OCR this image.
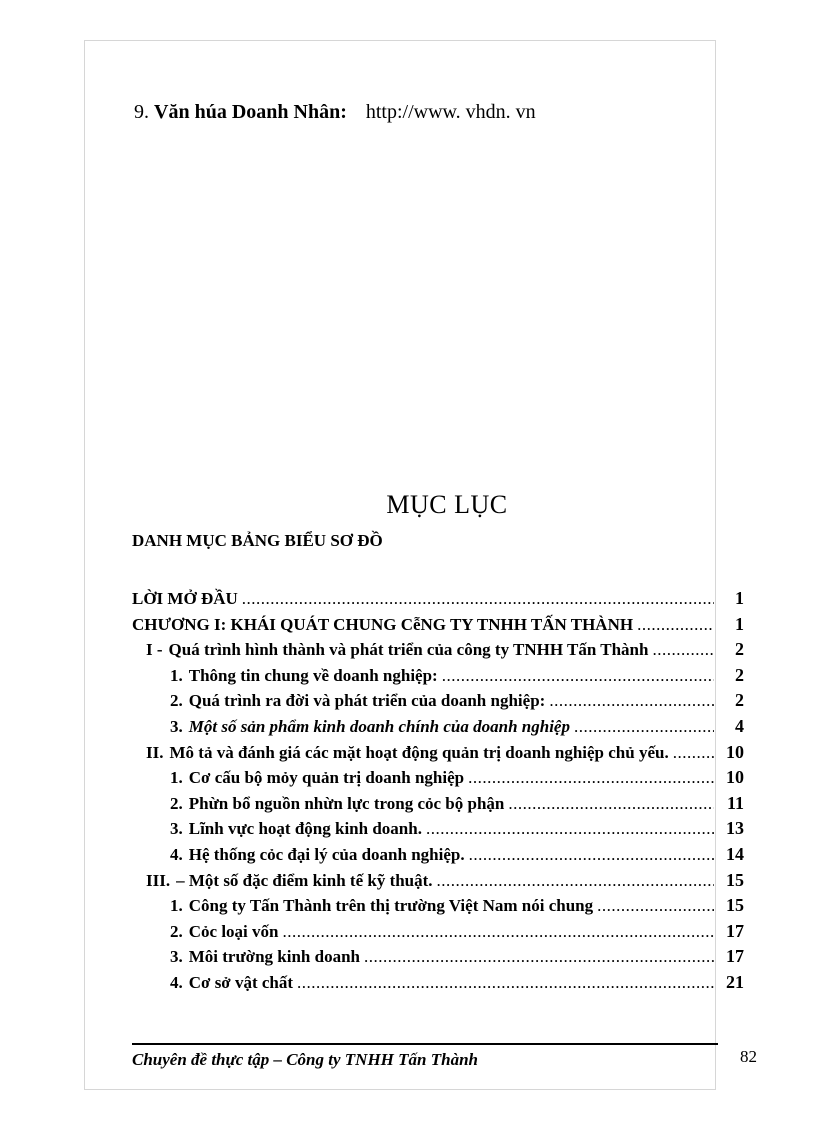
9. Văn húa Doanh Nhân: http://www. vhdn. vn
MỤC LỤC
DANH MỤC BẢNG BIỂU SƠ ĐỒ
LỜI MỞ ĐẦU .....	1
CHƯƠNG I: KHÁI QUÁT CHUNG CễNG TY TNHH TẤN THÀNH .....	1
I - Quá trình hình thành và phát triển của công ty TNHH Tấn Thành .....	2
1. Thông tin chung về doanh nghiệp: .....	2
2. Quá trình ra đời và phát triển của doanh nghiệp: .....	2
3. Một số sản phẩm kinh doanh chính của doanh nghiệp .....	4
II. Mô tả và đánh giá các mặt hoạt động quản trị doanh nghiệp chủ yếu. .....	10
1. Cơ cấu bộ mỏy quản trị doanh nghiệp .....	10
2. Phừn bổ nguồn nhừn lực trong cỏc bộ phận .....	11
3. Lĩnh vực hoạt động kinh doanh. .....	13
4. Hệ thống cỏc đại lý của doanh nghiệp. .....	14
III. – Một số đặc điểm kinh tế kỹ thuật. .....	15
1. Công ty Tấn Thành trên thị trường Việt Nam nói chung .....	15
2. Cỏc loại vốn .....	17
3. Môi trường kinh doanh .....	17
4. Cơ sở vật chất .....	21
Chuyên đề thực tập – Công ty TNHH Tấn Thành	82
